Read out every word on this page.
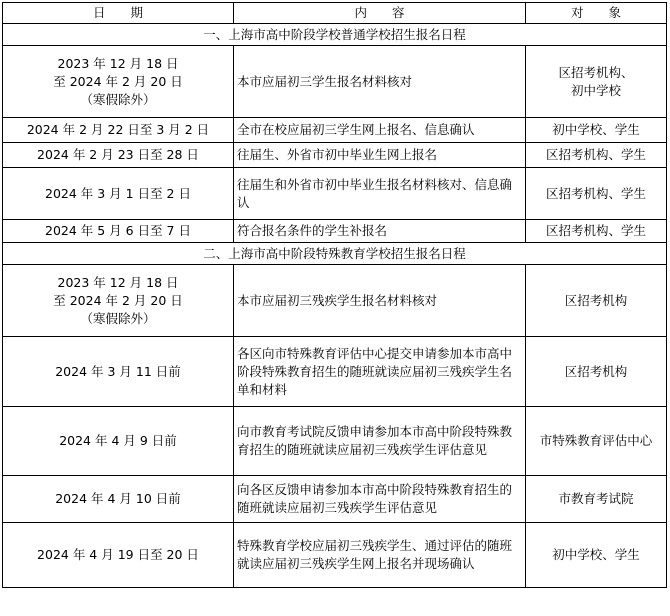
日　　期	内　　容	对　　象
一、上海市高中阶段学校普通学校招生报名日程		

2023 年 12 月 18 日
至 2024 年 2 月 20 日
（寒假除外）	本市应届初三学生报名材料核对	区招考机构、
初中学校

2024 年 2 月 22 日至 3 月 2 日	全市在校应届初三学生网上报名、信息确认	初中学校、学生
2024 年 2 月 23 日至 28 日	往届生、外省市初中毕业生网上报名	区招考机构、学生
2024 年 3 月 1 日至 2 日	往届生和外省市初中毕业生报名材料核对、信息确认	区招考机构、学生
2024 年 5 月 6 日至 7 日	符合报名条件的学生补报名	区招考机构、学生
二、上海市高中阶段特殊教育学校招生报名日程		

2023 年 12 月 18 日
至 2024 年 2 月 20 日
（寒假除外）	本市应届初三残疾学生报名材料核对	区招考机构
2024 年 3 月 11 日前	各区向市特殊教育评估中心提交申请参加本市高中阶段特殊教育招生的随班就读应届初三残疾学生名单和材料	区招考机构
2024 年 4 月 9 日前	向市教育考试院反馈申请参加本市高中阶段特殊教育招生的随班就读应届初三残疾学生评估意见	市特殊教育评估中心
2024 年 4 月 10 日前	向各区反馈申请参加本市高中阶段特殊教育招生的随班就读应届初三残疾学生评估意见	市教育考试院
2024 年 4 月 19 日至 20 日	特殊教育学校应届初三残疾学生、通过评估的随班就读应届初三残疾学生网上报名并现场确认	初中学校、学生
